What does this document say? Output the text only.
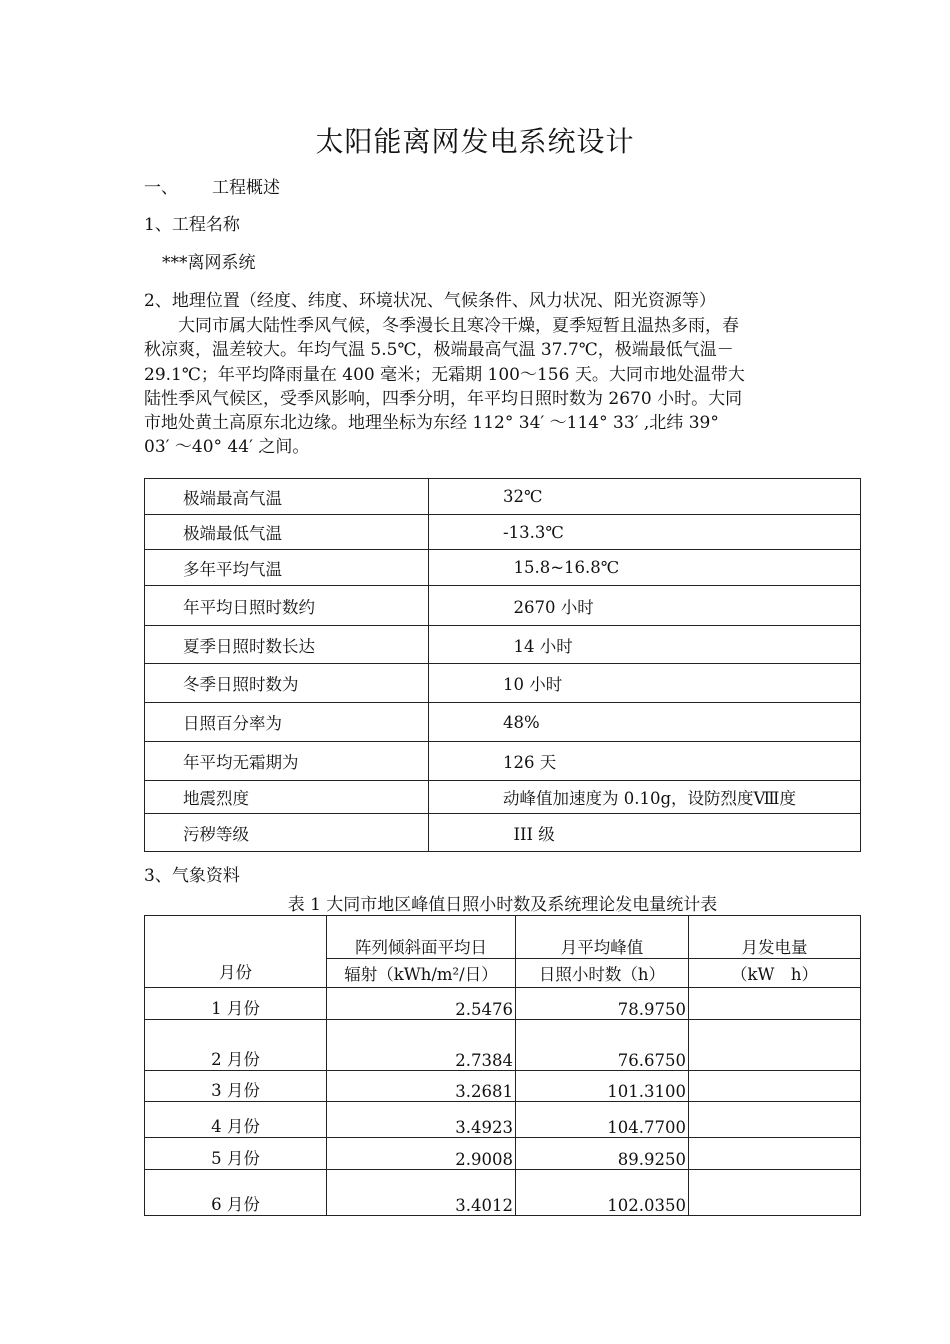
太阳能离网发电系统设计
一、 工程概述
1、工程名称
***离网系统
2、地理位置（经度、纬度、环境状况、气候条件、风力状况、阳光资源等）

　　大同市属大陆性季风气候，冬季漫长且寒冷干燥，夏季短暂且温热多雨，春

秋凉爽，温差较大。年均气温 5.5℃，极端最高气温 37.7℃，极端最低气温－

29.1℃；年平均降雨量在 400 毫米；无霜期 100～156 天。大同市地处温带大

陆性季风气候区，受季风影响，四季分明，年平均日照时数为 2670 小时。大同

市地处黄土高原东北边缘。地理坐标为东经 112° 34′ ～114° 33′ ,北纬 39°

03′ ～40° 44′ 之间。

极端最高气温	32℃
极端最低气温	-13.3℃
多年平均气温	15.8~16.8℃
年平均日照时数约	2670 小时
夏季日照时数长达	14 小时
冬季日照时数为	10 小时
日照百分率为	48%
年平均无霜期为	126 天
地震烈度	动峰值加速度为 0.10g，设防烈度Ⅷ度
污秽等级	III 级
3、气象资料
表 1 大同市地区峰值日照小时数及系统理论发电量统计表
月份	阵列倾斜面平均日	月平均峰值	月发电量
	辐射（kWh/m²/日）	日照小时数（h）	（kW　h）
1 月份	2.5476	78.9750	
2 月份	2.7384	76.6750	
3 月份	3.2681	101.3100	
4 月份	3.4923	104.7700	
5 月份	2.9008	89.9250	
6 月份	3.4012	102.0350	
